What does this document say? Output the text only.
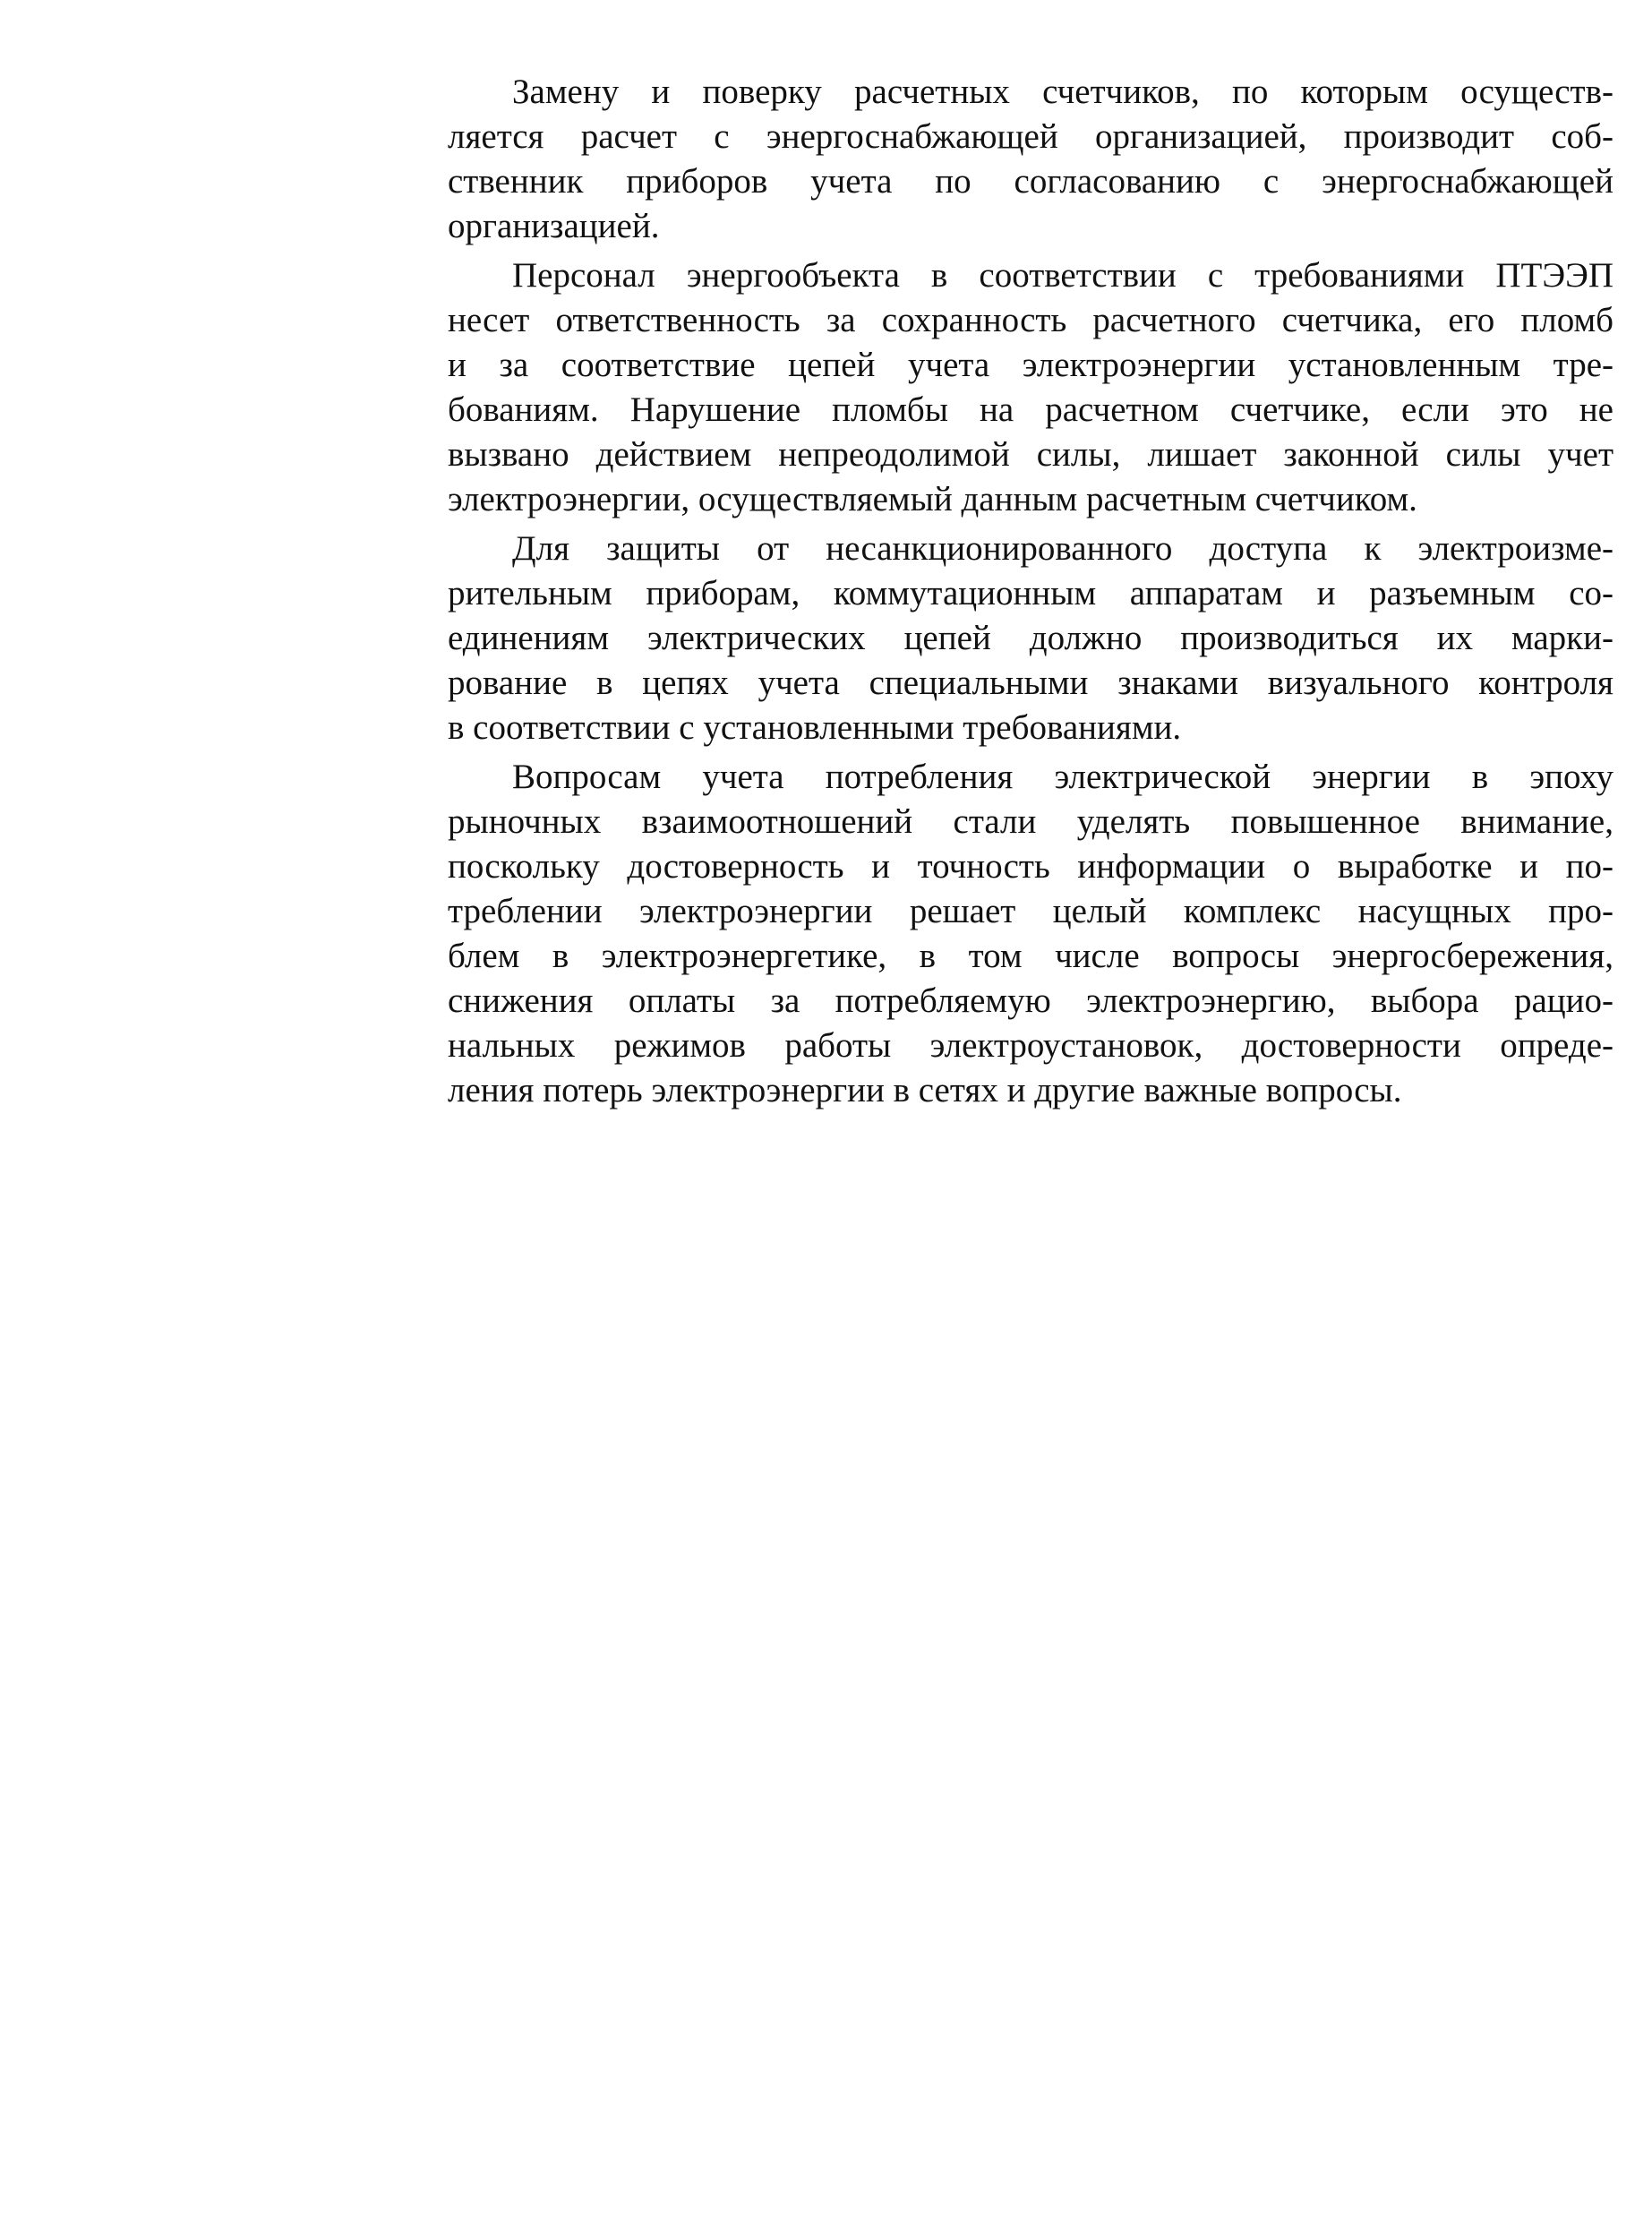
Замену и поверку расчетных счетчиков, по которым осуществ-
ляется расчет с энергоснабжающей организацией, производит соб-
ственник приборов учета по согласованию с энергоснабжающей
организацией.
Персонал энергообъекта в соответствии с требованиями ПТЭЭП
несет ответственность за сохранность расчетного счетчика, его пломб
и за соответствие цепей учета электроэнергии установленным тре-
бованиям. Нарушение пломбы на расчетном счетчике, если это не
вызвано действием непреодолимой силы, лишает законной силы учет
электроэнергии, осуществляемый данным расчетным счетчиком.
Для защиты от несанкционированного доступа к электроизме-
рительным приборам, коммутационным аппаратам и разъемным со-
единениям электрических цепей должно производиться их марки-
рование в цепях учета специальными знаками визуального контроля
в соответствии с установленными требованиями.
Вопросам учета потребления электрической энергии в эпоху
рыночных взаимоотношений стали уделять повышенное внимание,
поскольку достоверность и точность информации о выработке и по-
треблении электроэнергии решает целый комплекс насущных про-
блем в электроэнергетике, в том числе вопросы энергосбережения,
снижения оплаты за потребляемую электроэнергию, выбора рацио-
нальных режимов работы электроустановок, достоверности опреде-
ления потерь электроэнергии в сетях и другие важные вопросы.
